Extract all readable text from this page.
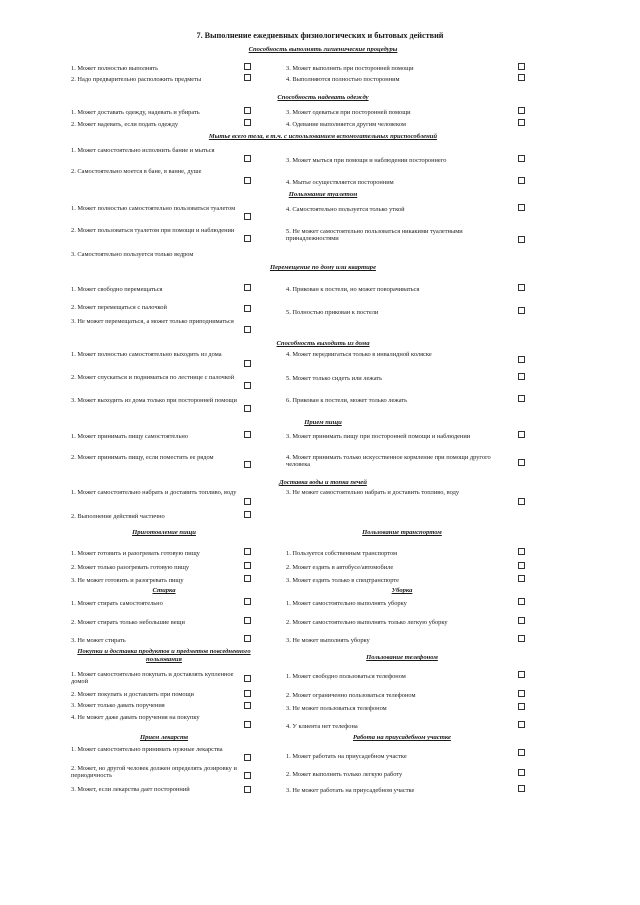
7. Выполнение ежедневных физиологических и бытовых действий
Способность выполнять гигиенические процедуры
1. Может полностью выполнять
2. Надо предварительно расположить предметы
3. Может выполнять при посторонней помощи
4. Выполняются полностью посторонним
Способность надевать одежду
1. Может доставать одежду, надевать и убирать
2. Может надевать, если подать одежду
3. Может одеваться при посторонней помощи
4. Одевание выполняется другим человеком
Мытье всего тела, в т.ч. с использованием вспомогательных приспособлений
1. Может самостоятельно исполнить бание и мыться
2. Самостоятельно моется в бане, в ванне, душе
3. Может мыться при помощи и наблюдении постороннего
4. Мытье осуществляется посторонним
Пользование туалетом
1. Может полностью самостоятельно пользоваться туалетом
2. Может пользоваться туалетом при помощи и наблюдении
3. Самостоятельно пользуется только ведром
4. Самостоятельно пользуется только уткой
5. Не может самостоятельно пользоваться никакими туалетными принадлежностями
Перемещение по дому или квартире
1. Может свободно перемещаться
2. Может перемещаться с палочкой
3. Не может перемещаться, а может только приподниматься
4. Прикован к постели, но может поворачиваться
5. Полностью прикован к постели
Способность выходить из дома
1. Может полностью самостоятельно выходить из дома
2. Может спускаться и подниматься по лестнице с палочкой
3. Может выходить из дома только при посторонней помощи
4. Может передвигаться только в инвалидной коляске
5. Может только сидеть или лежать
6. Прикован к постели, может только лежать
Прием пищи
1. Может принимать пищу самостоятельно
2. Может принимать пищу, если поместить ее рядом
3. Может принимать пищу при посторонней помощи и наблюдении
4. Может принимать только искусственное кормление при помощи другого человека
Доставка воды и топка печей
1. Может самостоятельно набрать и доставить топливо, воду
2. Выполнение действий частично
3. Не может самостоятельно набрать и доставить топливо, воду
Приготовление пищи	Пользование транспортом
1. Может готовить и разогревать готовую пищу
2. Может только разогревать готовую пищу
3. Не может готовить и разогревать пищу
1. Пользуется собственным транспортом
2. Может ездить в автобусе/автомобиле
3. Может ездить только в спецтранспорте
Стирка	Уборка
1. Может стирать самостоятельно
2. Может стирать только небольшие вещи
3. Не может стирать
1. Может самостоятельно выполнять уборку
2. Может самостоятельно выполнять только легкую уборку
3. Не может выполнять уборку
Покупки и доставка продуктов и предметов повседневного пользования	Пользование телефоном
1. Может самостоятельно покупать и доставлять купленное домой
2. Может покупать и доставлять при помощи
3. Может только давать поручения
4. Не может даже давать поручения на покупку
1. Может свободно пользоваться телефоном
2. Может ограниченно пользоваться телефоном
3. Не может пользоваться телефоном
4. У клиента нет телефона
Прием лекарств	Работа на приусадебном участке
1. Может самостоятельно принимать нужные лекарства
2. Может, но другой человек должен определять дозировку и периодичность
3. Может, если лекарства дает посторонний
1. Может работать на приусадебном участке
2. Может выполнять только легкую работу
3. Не может работать на приусадебном участке
